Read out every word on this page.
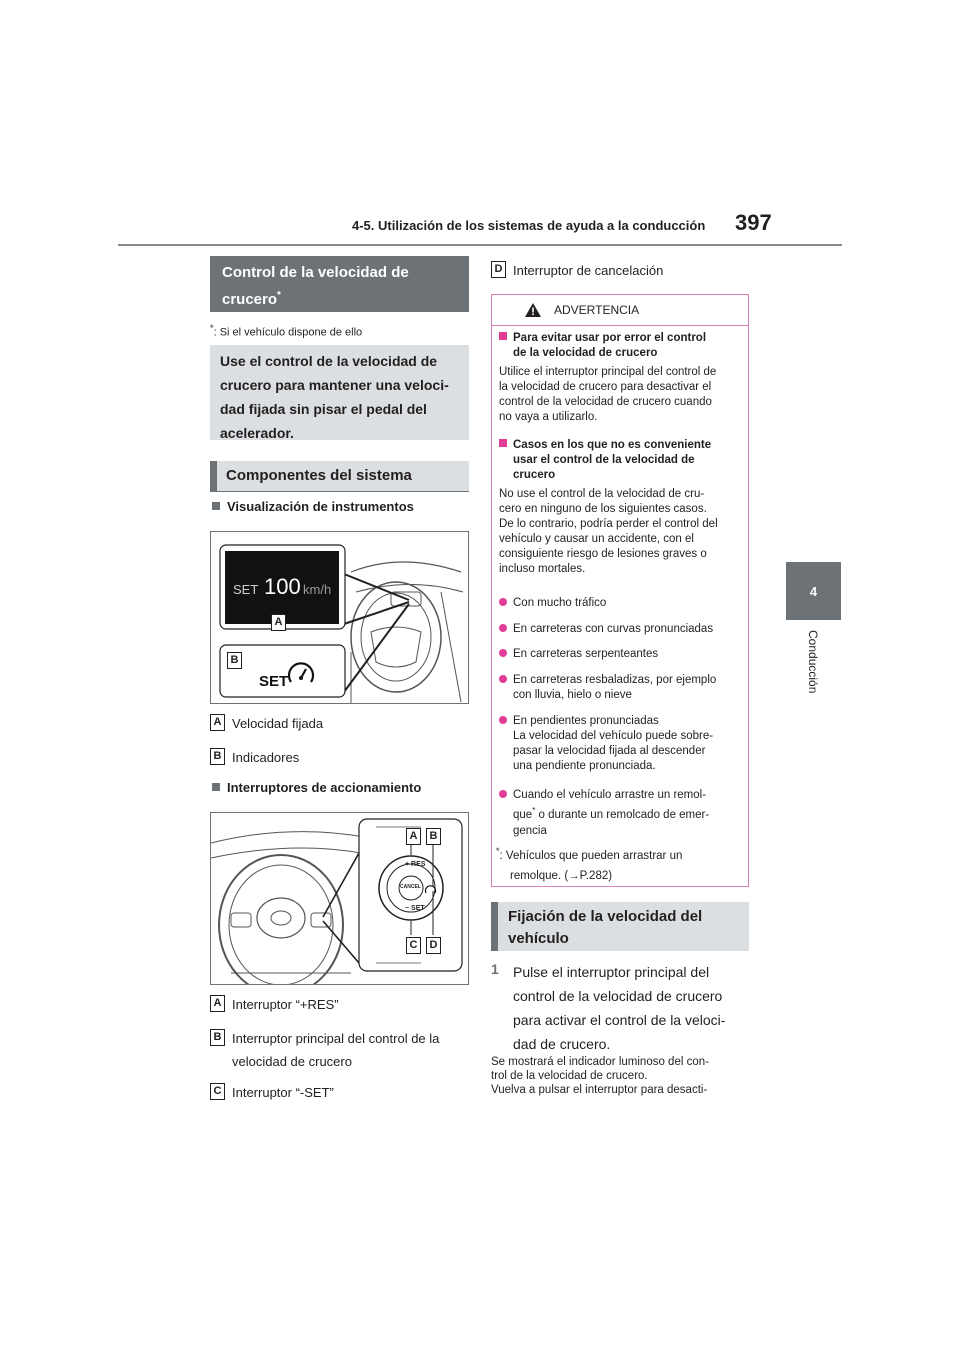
4-5. Utilización de los sistemas de ayuda a la conducción 397
4
Conducción
Control de la velocidad de crucero*
*: Si el vehículo dispone de ello
Use el control de la velocidad de
crucero para mantener una veloci-
dad fijada sin pisar el pedal del
acelerador.
Componentes del sistema
Visualización de instrumentos
SET 100 km/h
A
B
SET
A Velocidad fijada
B Indicadores
Interruptores de accionamiento
+ RES
− SET
CANCEL
A	B
C	D
A Interruptor “+RES”
B Interruptor principal del control de la
velocidad de crucero
C Interruptor “-SET”
D Interruptor de cancelación
ADVERTENCIA
Para evitar usar por error el control
de la velocidad de crucero
Utilice el interruptor principal del control de
la velocidad de crucero para desactivar el
control de la velocidad de crucero cuando
no vaya a utilizarlo.
Casos en los que no es conveniente
usar el control de la velocidad de
crucero
No use el control de la velocidad de cru-
cero en ninguno de los siguientes casos.
De lo contrario, podría perder el control del
vehículo y causar un accidente, con el
consiguiente riesgo de lesiones graves o
incluso mortales.
Con mucho tráfico
En carreteras con curvas pronunciadas
En carreteras serpenteantes
En carreteras resbaladizas, por ejemplo
con lluvia, hielo o nieve
En pendientes pronunciadas
La velocidad del vehículo puede sobre-
pasar la velocidad fijada al descender
una pendiente pronunciada.
Cuando el vehículo arrastre un remol-
que* o durante un remolcado de emer-
gencia
*: Vehículos que pueden arrastrar un
remolque. (→P.282)
Fijación de la velocidad del
vehículo
1 Pulse el interruptor principal del
control de la velocidad de crucero
para activar el control de la veloci-
dad de crucero.
Se mostrará el indicador luminoso del con-
trol de la velocidad de crucero.
Vuelva a pulsar el interruptor para desacti-
